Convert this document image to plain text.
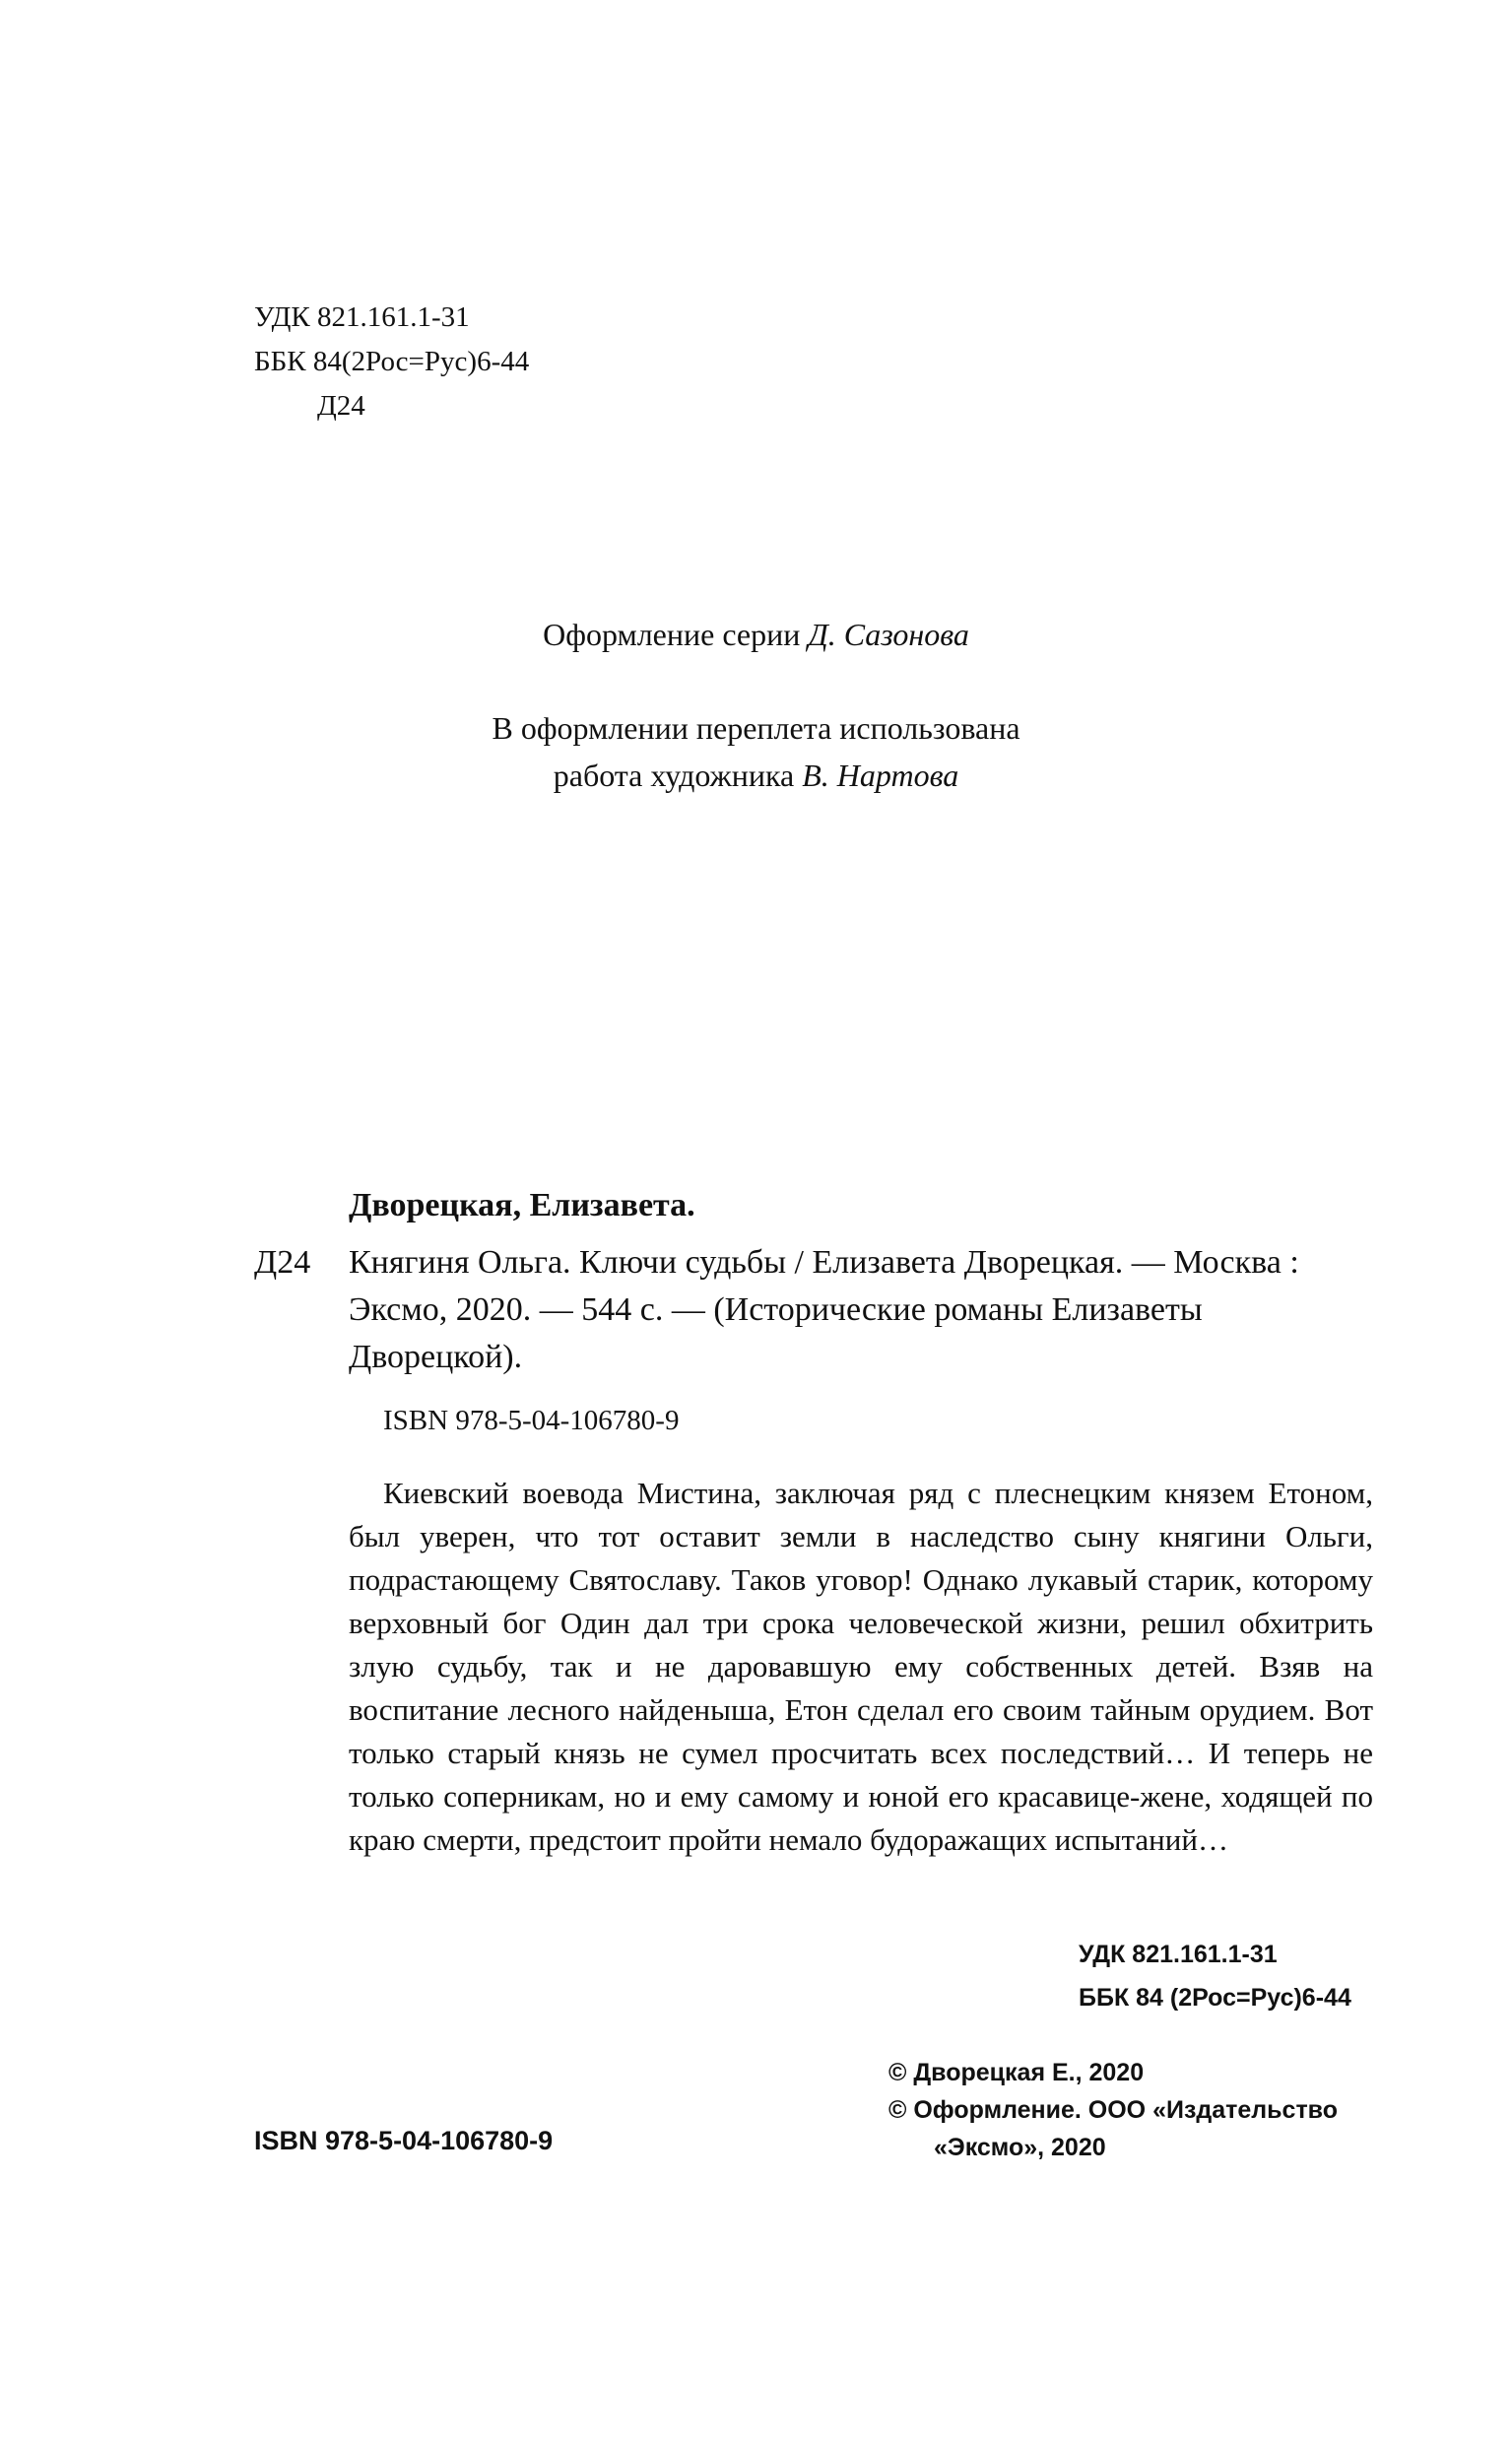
УДК 821.161.1-31
ББК 84(2Рос=Рус)6-44
Д24
Оформление серии Д. Сазонова
В оформлении переплета использована
работа художника В. Нартова
Дворецкая, Елизавета.
Д24 Княгиня Ольга. Ключи судьбы / Елизавета Дворецкая. — Москва : Эксмо, 2020. — 544 с. — (Исторические романы Елизаветы Дворецкой).
ISBN 978-5-04-106780-9

Киевский воевода Мистина, заключая ряд с плеснецким князем Етоном, был уверен, что тот оставит земли в наследство сыну княгини Ольги, подрастающему Святославу. Таков уговор! Однако лукавый старик, которому верховный бог Один дал три срока человеческой жизни, решил обхитрить злую судьбу, так и не даровавшую ему собственных детей. Взяв на воспитание лесного найденыша, Етон сделал его своим тайным орудием. Вот только старый князь не сумел просчитать всех последствий… И теперь не только соперникам, но и ему самому и юной его красавице-жене, ходящей по краю смерти, предстоит пройти немало будоражащих испытаний…

УДК 821.161.1-31
ББК 84 (2Рос=Рус)6-44
© Дворецкая Е., 2020
© Оформление. ООО «Издательство
«Эксмо», 2020
ISBN 978-5-04-106780-9
